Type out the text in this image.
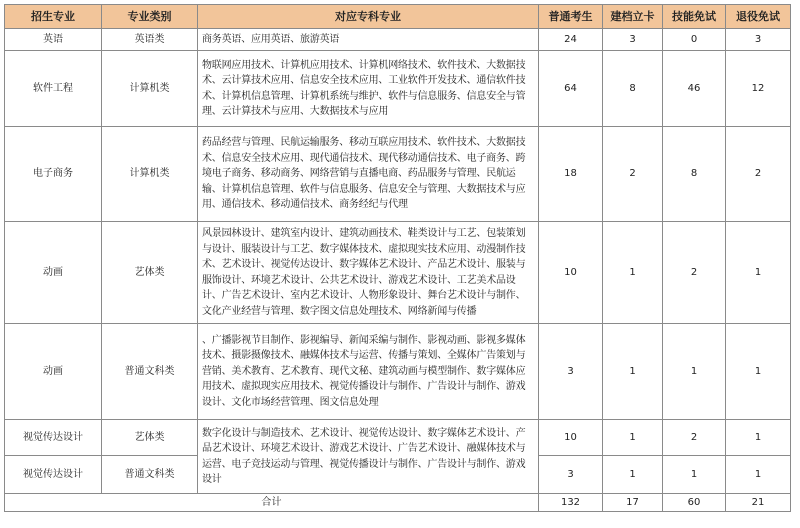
招生专业	专业类别	对应专科专业	普通考生	建档立卡	技能免试	退役免试
英语	英语类	商务英语、应用英语、旅游英语	24	3	0	3
软件工程	计算机类	物联网应用技术、计算机应用技术、计算机网络技术、软件技术、大数据技术、云计算技术应用、信息安全技术应用、工业软件开发技术、通信软件技术、计算机信息管理、计算机系统与维护、软件与信息服务、信息安全与管理、云计算技术与应用、大数据技术与应用	64	8	46	12
电子商务	计算机类	药品经营与管理、民航运输服务、移动互联应用技术、软件技术、大数据技术、信息安全技术应用、现代通信技术、现代移动通信技术、电子商务、跨境电子商务、移动商务、网络营销与直播电商、药品服务与管理、民航运输、计算机信息管理、软件与信息服务、信息安全与管理、大数据技术与应用、通信技术、移动通信技术、商务经纪与代理	18	2	8	2
动画	艺体类	风景园林设计、建筑室内设计、建筑动画技术、鞋类设计与工艺、包装策划与设计、服装设计与工艺、数字媒体技术、虚拟现实技术应用、动漫制作技术、艺术设计、视觉传达设计、数字媒体艺术设计、产品艺术设计、服装与服饰设计、环境艺术设计、公共艺术设计、游戏艺术设计、工艺美术品设计、广告艺术设计、室内艺术设计、人物形象设计、舞台艺术设计与制作、文化产业经营与管理、数字图文信息处理技术、网络新闻与传播	10	1	2	1
动画	普通文科类	、广播影视节目制作、影视编导、新闻采编与制作、影视动画、影视多媒体技术、摄影摄像技术、融媒体技术与运营、传播与策划、全媒体广告策划与营销、美术教育、艺术教育、现代文秘、建筑动画与模型制作、数字媒体应用技术、虚拟现实应用技术、视觉传播设计与制作、广告设计与制作、游戏设计、文化市场经营管理、图文信息处理	3	1	1	1
视觉传达设计	艺体类	数字化设计与制造技术、艺术设计、视觉传达设计、数字媒体艺术设计、产品艺术设计、环境艺术设计、游戏艺术设计、广告艺术设计、融媒体技术与运营、电子竞技运动与管理、视觉传播设计与制作、广告设计与制作、游戏设计	10	1	2	1
视觉传达设计	普通文科类		3	1	1	1
合计			132	17	60	21
